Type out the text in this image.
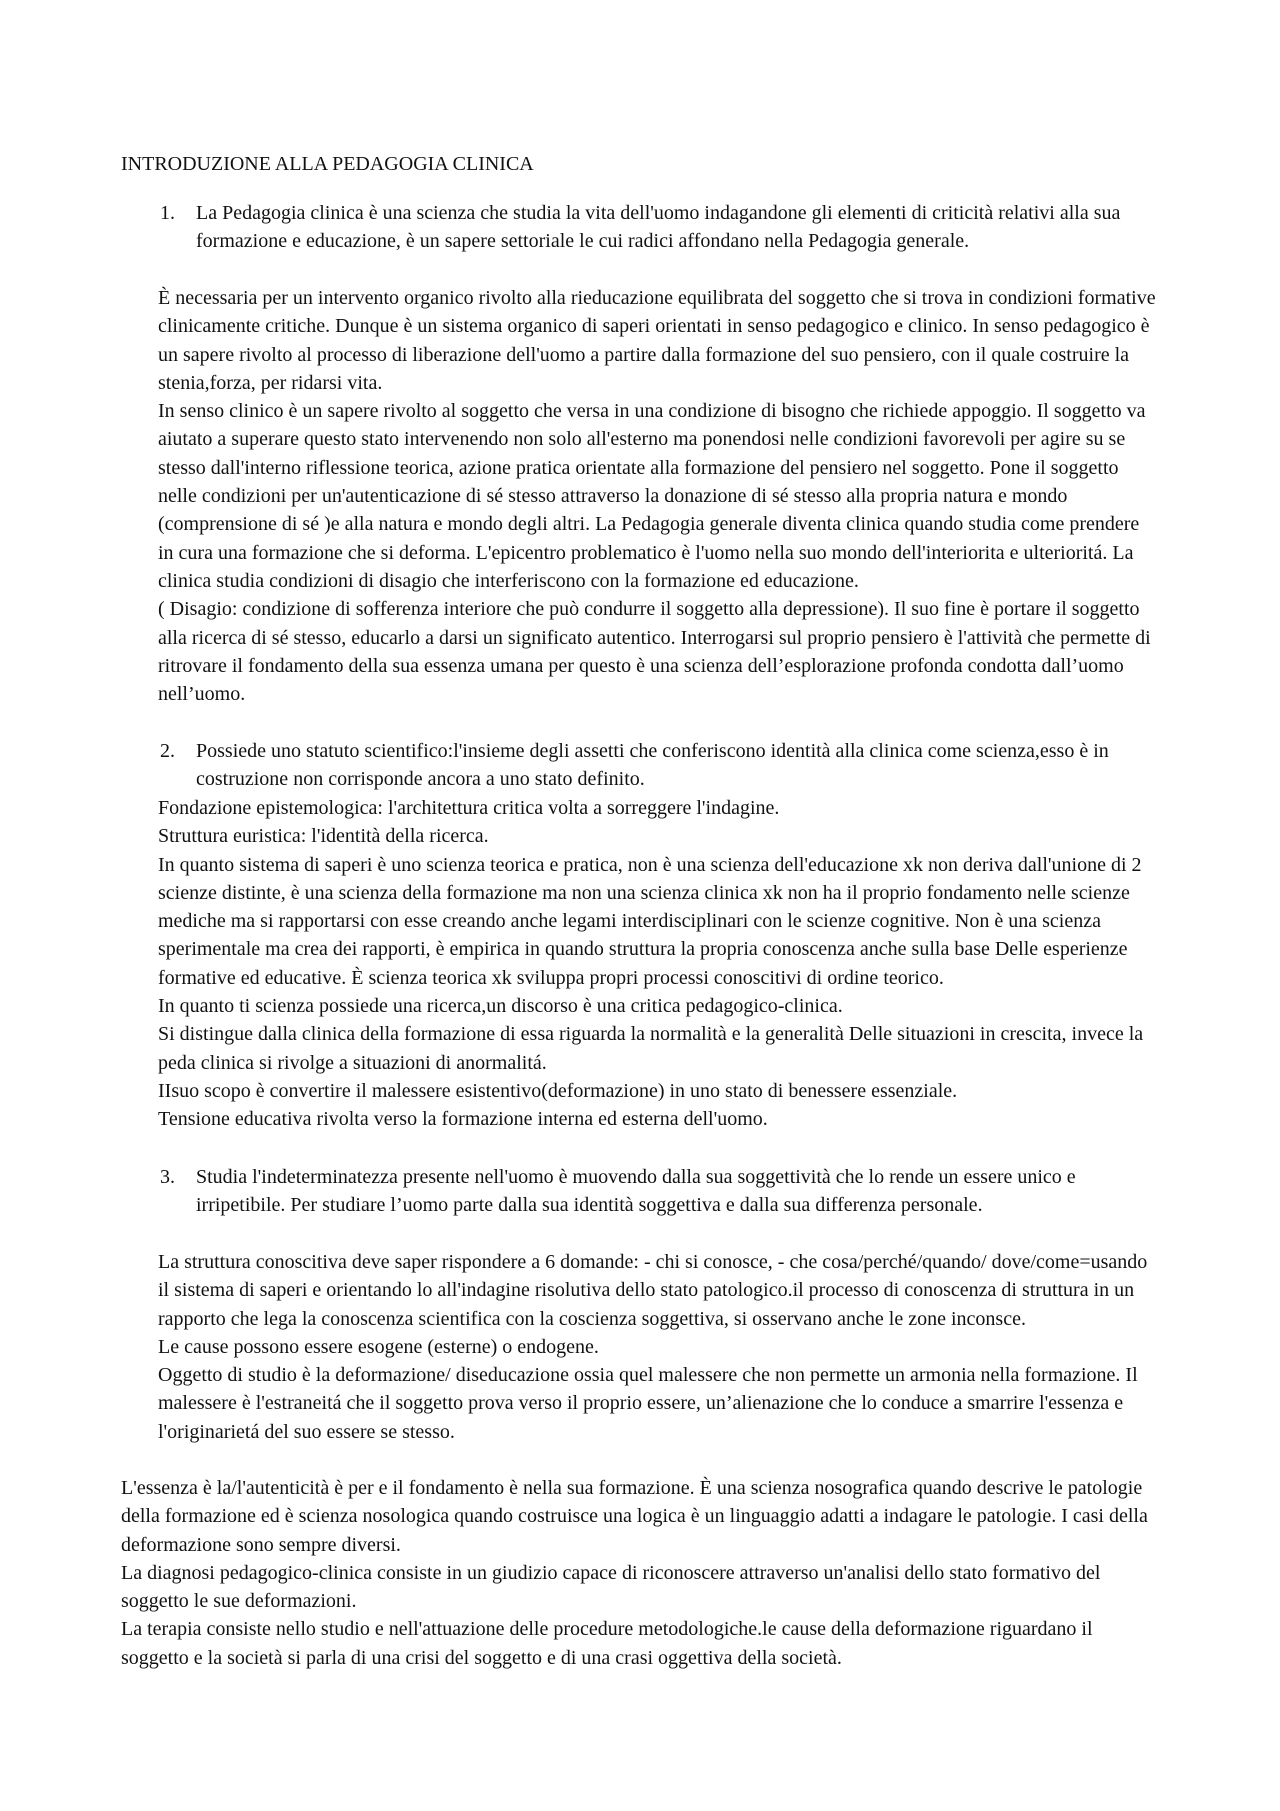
INTRODUZIONE ALLA PEDAGOGIA CLINICA
1. La Pedagogia clinica è una scienza che studia la vita dell'uomo indagandone gli elementi di criticità relativi alla sua formazione e educazione, è un sapere settoriale le cui radici affondano nella Pedagogia generale.

È necessaria per un intervento organico rivolto alla rieducazione equilibrata del soggetto che si trova in condizioni formative clinicamente critiche. Dunque è un sistema organico di saperi orientati in senso pedagogico e clinico. In senso pedagogico è un sapere rivolto al processo di liberazione dell'uomo a partire dalla formazione del suo pensiero, con il quale costruire la stenia,forza, per ridarsi vita.

In senso clinico è un sapere rivolto al soggetto che versa in una condizione di bisogno che richiede appoggio. Il soggetto va aiutato a superare questo stato intervenendo non solo all'esterno ma ponendosi nelle condizioni favorevoli per agire su se stesso dall'interno riflessione teorica, azione pratica orientate alla formazione del pensiero nel soggetto. Pone il soggetto nelle condizioni per un'autenticazione di sé stesso attraverso la donazione di sé stesso alla propria natura e mondo (comprensione di sé )e alla natura e mondo degli altri. La Pedagogia generale diventa clinica quando studia come prendere in cura una formazione che si deforma. L'epicentro problematico è l'uomo nella suo mondo dell'interiorita e ulterioritá. La clinica studia condizioni di disagio che interferiscono con la formazione ed educazione.

( Disagio: condizione di sofferenza interiore che può condurre il soggetto alla depressione). Il suo fine è portare il soggetto alla ricerca di sé stesso, educarlo a darsi un significato autentico. Interrogarsi sul proprio pensiero è l'attività che permette di ritrovare il fondamento della sua essenza umana per questo è una scienza dell’esplorazione profonda condotta dall’uomo nell’uomo.

2. Possiede uno statuto scientifico:l'insieme degli assetti che conferiscono identità alla clinica come scienza,esso è in costruzione non corrisponde ancora a uno stato definito.

Fondazione epistemologica: l'architettura critica volta a sorreggere l'indagine.

Struttura euristica: l'identità della ricerca.

In quanto sistema di saperi è uno scienza teorica e pratica, non è una scienza dell'educazione xk non deriva dall'unione di 2 scienze distinte, è una scienza della formazione ma non una scienza clinica xk non ha il proprio fondamento nelle scienze mediche ma si rapportarsi con esse creando anche legami interdisciplinari con le scienze cognitive. Non è una scienza sperimentale ma crea dei rapporti, è empirica in quando struttura la propria conoscenza anche sulla base Delle esperienze formative ed educative. È scienza teorica xk sviluppa propri processi conoscitivi di ordine teorico.

In quanto ti scienza possiede una ricerca,un discorso è una critica pedagogico-clinica.

Si distingue dalla clinica della formazione di essa riguarda la normalità e la generalità Delle situazioni in crescita, invece la peda clinica si rivolge a situazioni di anormalitá.

IIsuo scopo è convertire il malessere esistentivo(deformazione) in uno stato di benessere essenziale.

Tensione educativa rivolta verso la formazione interna ed esterna dell'uomo.

3. Studia l'indeterminatezza presente nell'uomo è muovendo dalla sua soggettività che lo rende un essere unico e irripetibile. Per studiare l’uomo parte dalla sua identità soggettiva e dalla sua differenza personale.

La struttura conoscitiva deve saper rispondere a 6 domande: - chi si conosce, - che cosa/perché/quando/ dove/come=usando il sistema di saperi e orientando lo all'indagine risolutiva dello stato patologico.il processo di conoscenza di struttura in un rapporto che lega la conoscenza scientifica con la coscienza soggettiva, si osservano anche le zone inconsce.

Le cause possono essere esogene (esterne) o endogene.

Oggetto di studio è la deformazione/ diseducazione ossia quel malessere che non permette un armonia nella formazione. Il malessere è l'estraneitá che il soggetto prova verso il proprio essere, un’alienazione che lo conduce a smarrire l'essenza e l'originarietá del suo essere se stesso.

L'essenza è la/l'autenticità è per e il fondamento è nella sua formazione. È una scienza nosografica quando descrive le patologie della formazione ed è scienza nosologica quando costruisce una logica è un linguaggio adatti a indagare le patologie. I casi della deformazione sono sempre diversi.

La diagnosi pedagogico-clinica consiste in un giudizio capace di riconoscere attraverso un'analisi dello stato formativo del soggetto le sue deformazioni.

La terapia consiste nello studio e nell'attuazione delle procedure metodologiche.le cause della deformazione riguardano il soggetto e la società si parla di una crisi del soggetto e di una crasi oggettiva della società.
